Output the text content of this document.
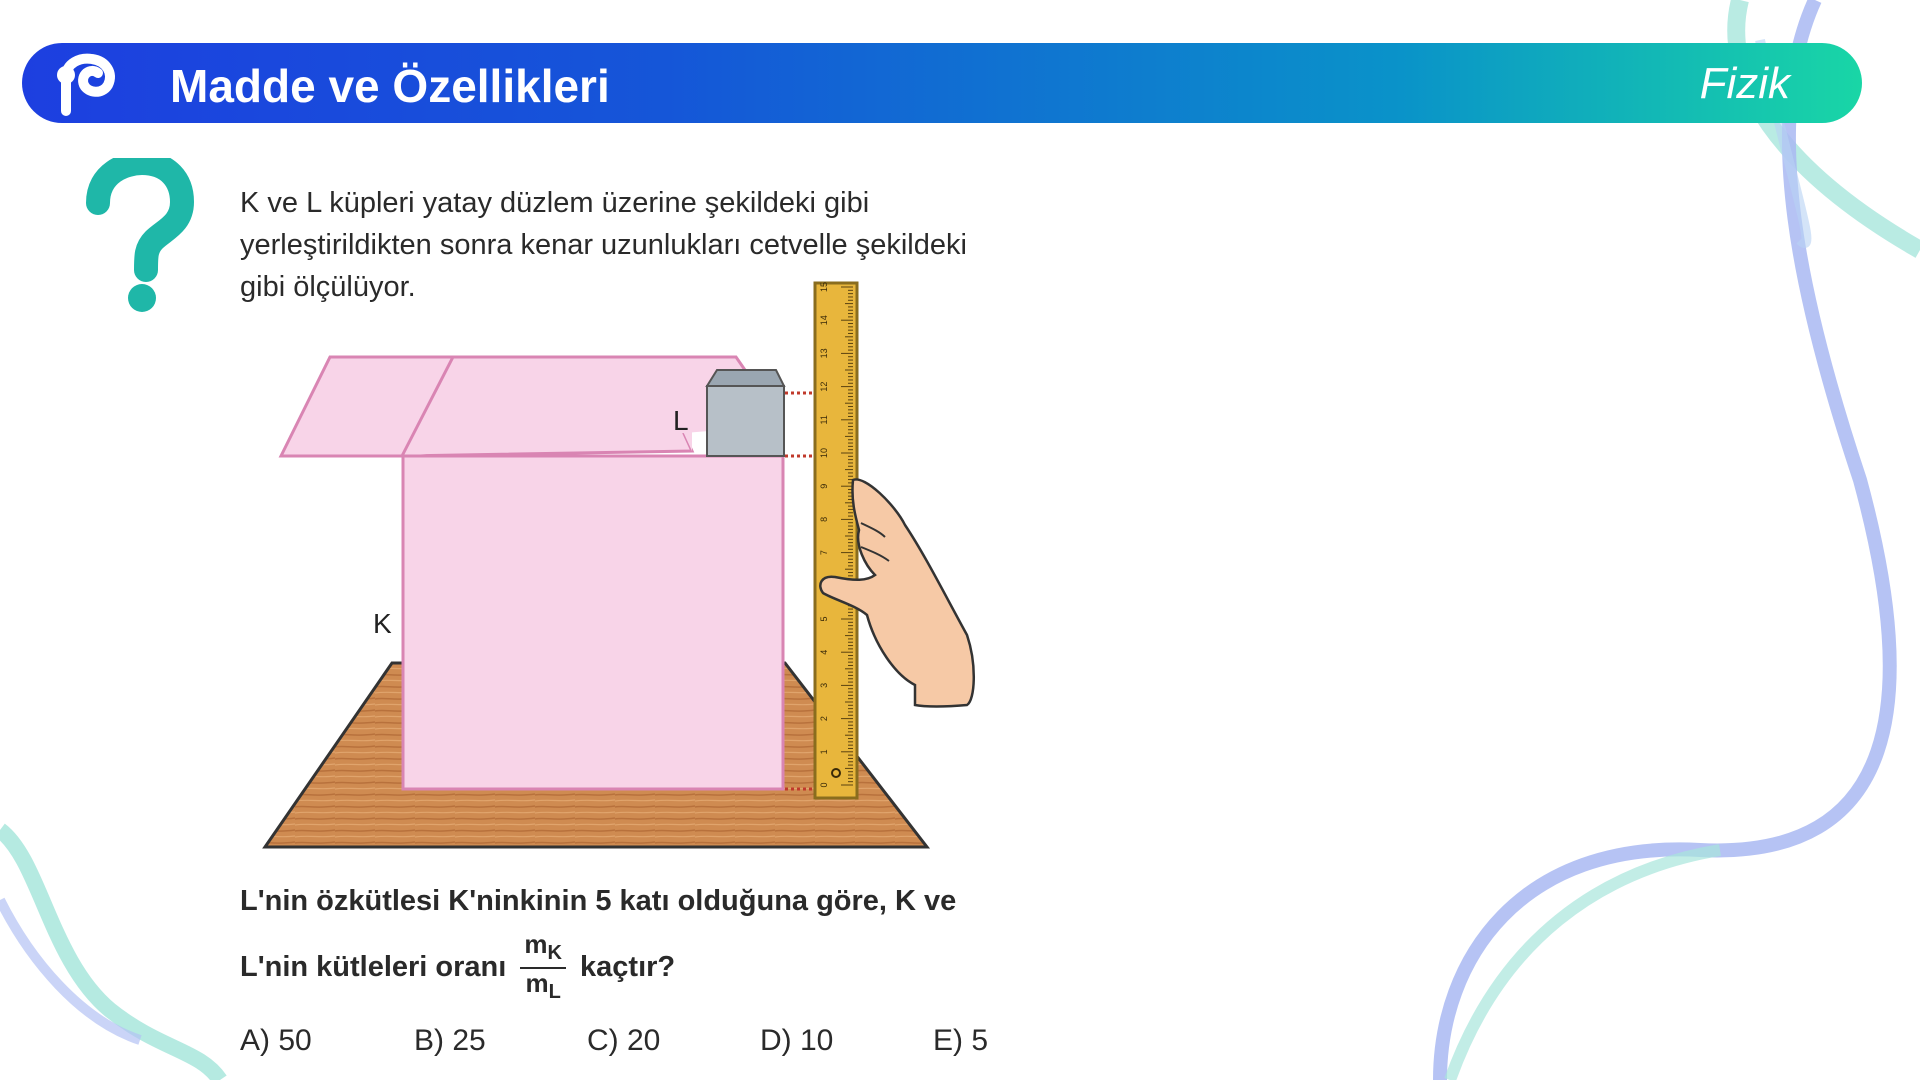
Madde ve Özellikleri	Fizik
K ve L küpleri yatay düzlem üzerine şekildeki gibi
yerleştirildikten sonra kenar uzunlukları cetvelle şekildeki
gibi ölçülüyor.
0
1
2
3
4
5
7
8
9
10
11
12
13
14
15
L
K
L'nin özkütlesi K'ninkinin 5 katı olduğuna göre, K ve
L'nin kütleleri oranı $\frac{m_K}{m_L}$ kaçtır?
A) 50	B) 25	C) 20	D) 10	E) 5
